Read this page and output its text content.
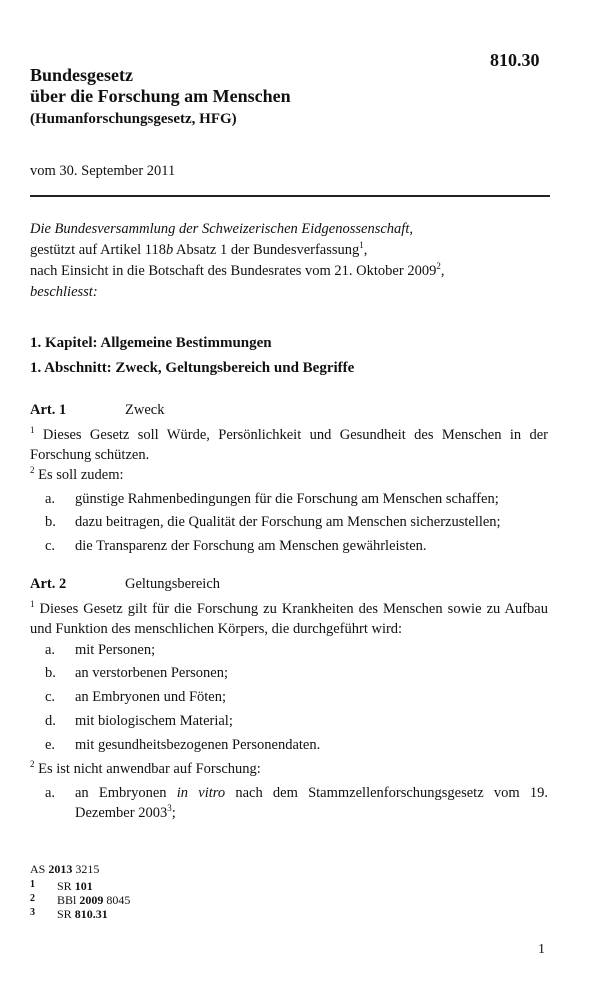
810.30
Bundesgesetz
über die Forschung am Menschen
(Humanforschungsgesetz, HFG)
vom 30. September 2011
Die Bundesversammlung der Schweizerischen Eidgenossenschaft,
gestützt auf Artikel 118b Absatz 1 der Bundesverfassung$^1$,
nach Einsicht in die Botschaft des Bundesrates vom 21. Oktober 2009$^2$,
beschliesst:
1. Kapitel: Allgemeine Bestimmungen
1. Abschnitt: Zweck, Geltungsbereich und Begriffe
Art. 1	Zweck
$^1$ Dieses Gesetz soll Würde, Persönlichkeit und Gesundheit des Menschen in der Forschung schützen.
$^2$ Es soll zudem:
a. günstige Rahmenbedingungen für die Forschung am Menschen schaffen;
b. dazu beitragen, die Qualität der Forschung am Menschen sicherzustellen;
c. die Transparenz der Forschung am Menschen gewährleisten.
Art. 2	Geltungsbereich
$^1$ Dieses Gesetz gilt für die Forschung zu Krankheiten des Menschen sowie zu Aufbau und Funktion des menschlichen Körpers, die durchgeführt wird:
a. mit Personen;
b. an verstorbenen Personen;
c. an Embryonen und Föten;
d. mit biologischem Material;
e. mit gesundheitsbezogenen Personendaten.
$^2$ Es ist nicht anwendbar auf Forschung:
a. an Embryonen in vitro nach dem Stammzellenforschungsgesetz vom 19. Dezember 2003$^3$;
AS 2013 3215
1 SR 101
2 BBl 2009 8045
3 SR 810.31
1
